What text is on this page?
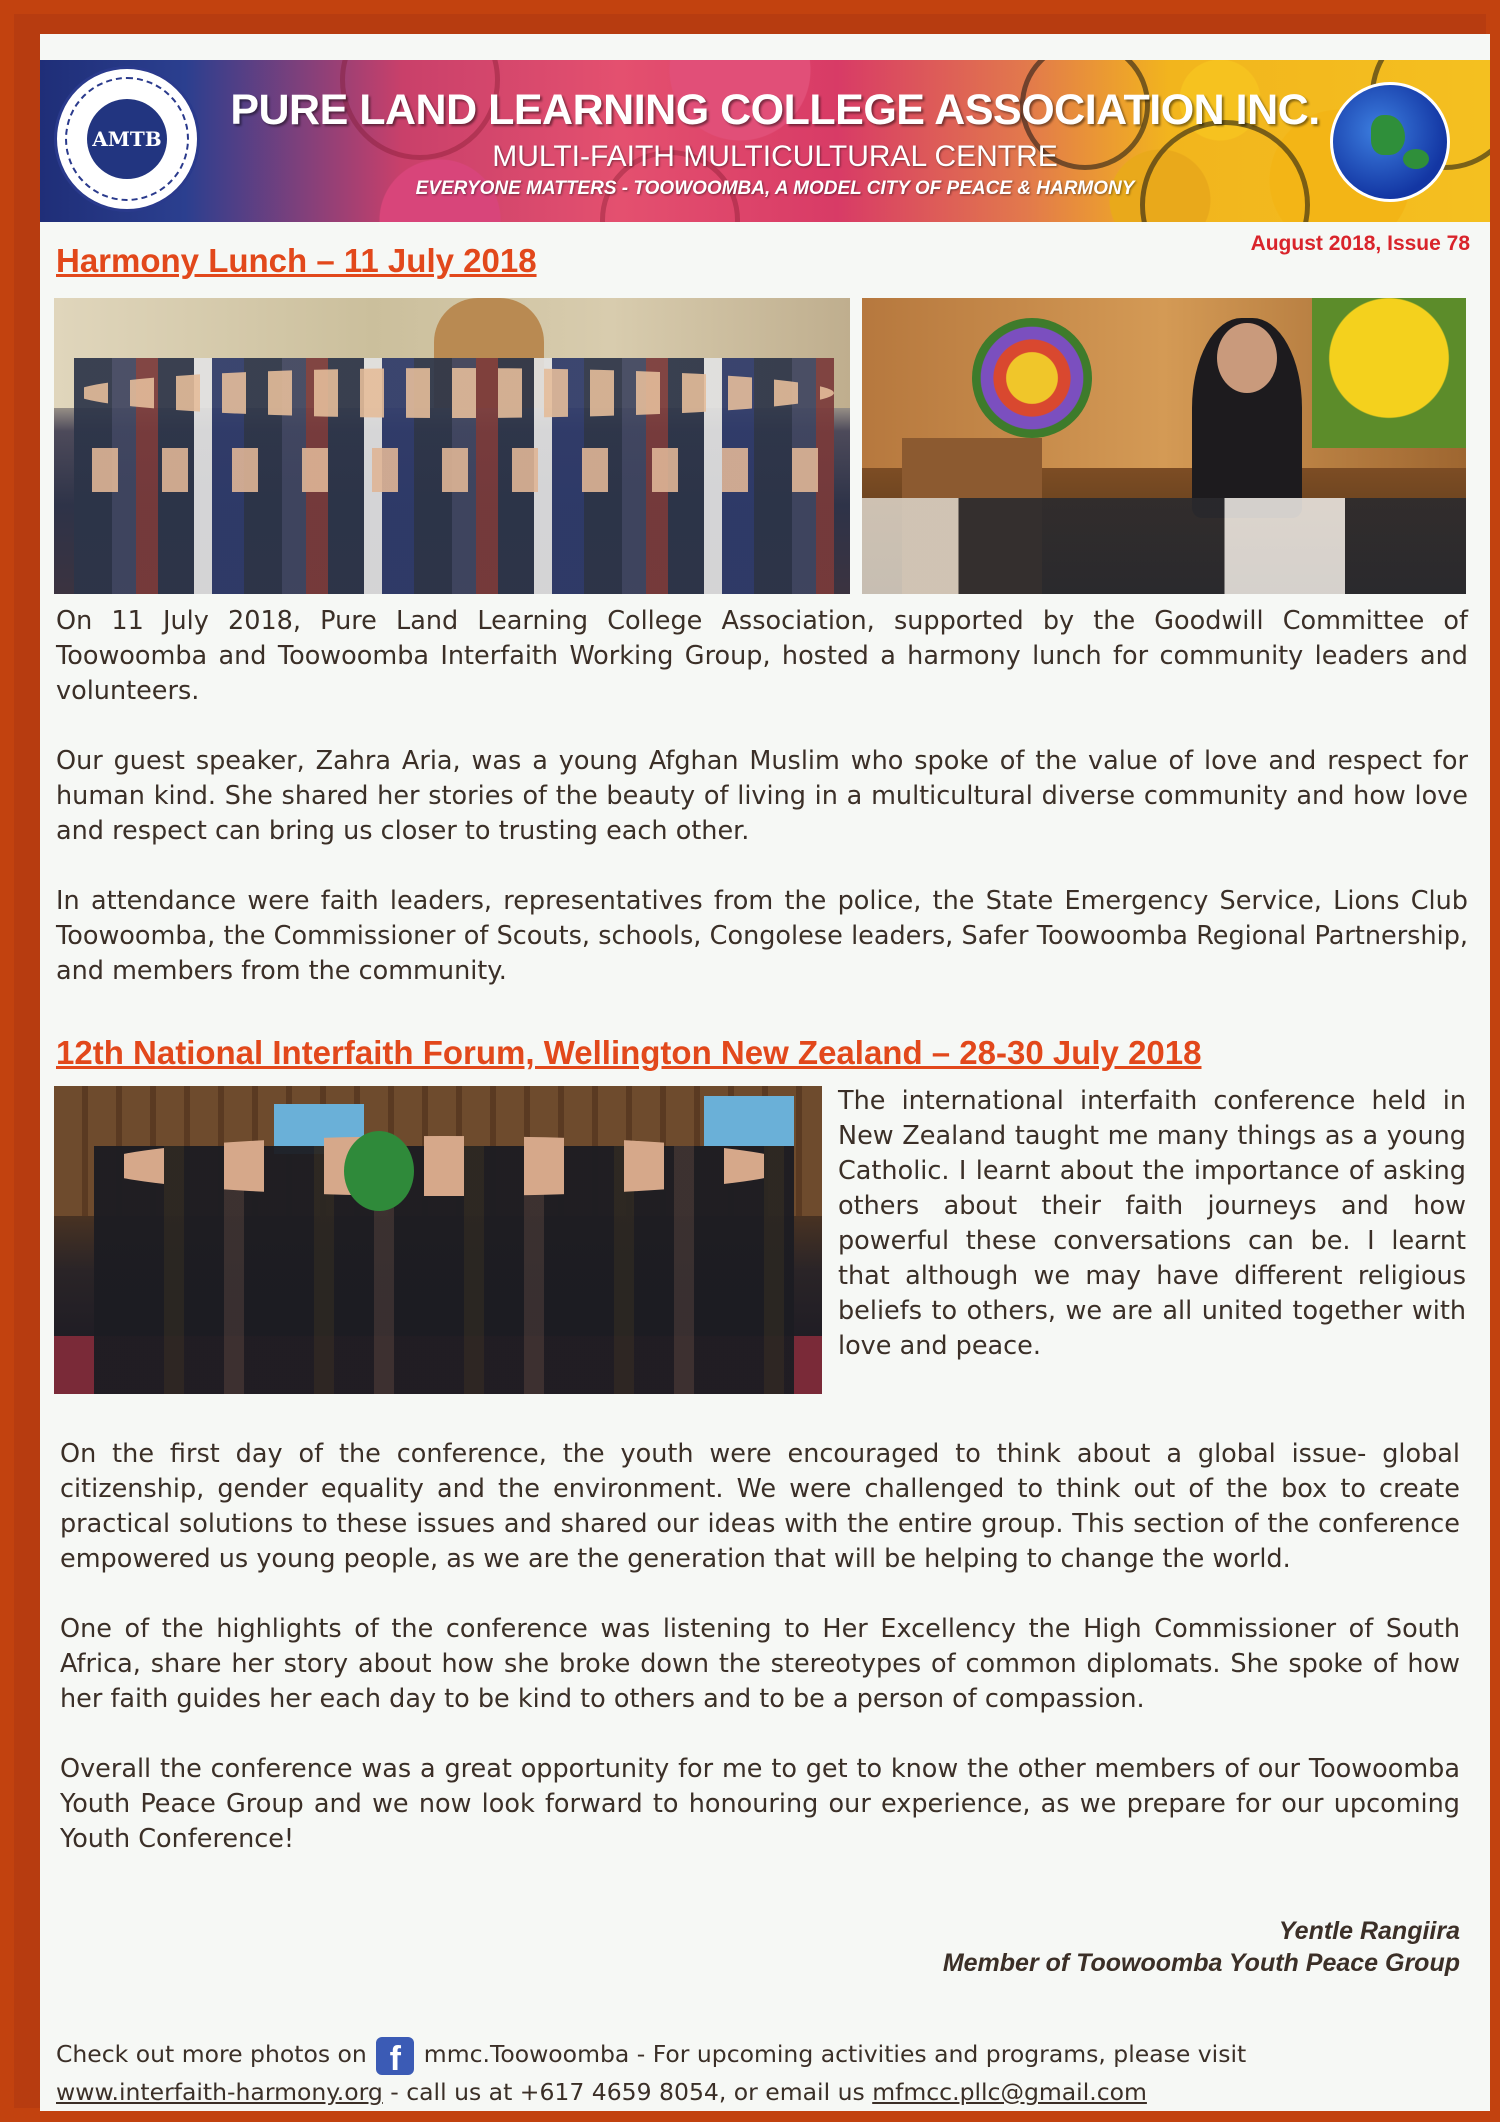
AMTB
PURE LAND LEARNING COLLEGE ASSOCIATION INC.
MULTI-FAITH MULTICULTURAL CENTRE
EVERYONE MATTERS - TOOWOOMBA, A MODEL CITY OF PEACE & HARMONY
August 2018, Issue 78
Harmony Lunch – 11 July 2018

On 11 July 2018, Pure Land Learning College Association, supported by the Goodwill Committee of Toowoomba and Toowoomba Interfaith Working Group, hosted a harmony lunch for community leaders and volunteers.

Our guest speaker, Zahra Aria, was a young Afghan Muslim who spoke of the value of love and respect for human kind. She shared her stories of the beauty of living in a multicultural diverse community and how love and respect can bring us closer to trusting each other.

In attendance were faith leaders, representatives from the police, the State Emergency Service, Lions Club Toowoomba, the Commissioner of Scouts, schools, Congolese leaders, Safer Toowoomba Regional Partnership, and members from the community.

12th National Interfaith Forum, Wellington New Zealand – 28-30 July 2018

The international interfaith conference held in New Zealand taught me many things as a young Catholic. I learnt about the importance of asking others about their faith journeys and how powerful these conversations can be. I learnt that although we may have different religious beliefs to others, we are all united together with love and peace.

On the first day of the conference, the youth were encouraged to think about a global issue- global citizenship, gender equality and the environment. We were challenged to think out of the box to create practical solutions to these issues and shared our ideas with the entire group. This section of the conference empowered us young people, as we are the generation that will be helping to change the world.

One of the highlights of the conference was listening to Her Excellency the High Commissioner of South Africa, share her story about how she broke down the stereotypes of common diplomats. She spoke of how her faith guides her each day to be kind to others and to be a person of compassion.

Overall the conference was a great opportunity for me to get to know the other members of our Toowoomba Youth Peace Group and we now look forward to honouring our experience, as we prepare for our upcoming Youth Conference!

Yentle Rangiira
Member of Toowoomba Youth Peace Group
Check out more photos on f mmc.Toowoomba - For upcoming activities and programs, please visit
www.interfaith-harmony.org - call us at +617 4659 8054, or email us mfmcc.pllc@gmail.com
